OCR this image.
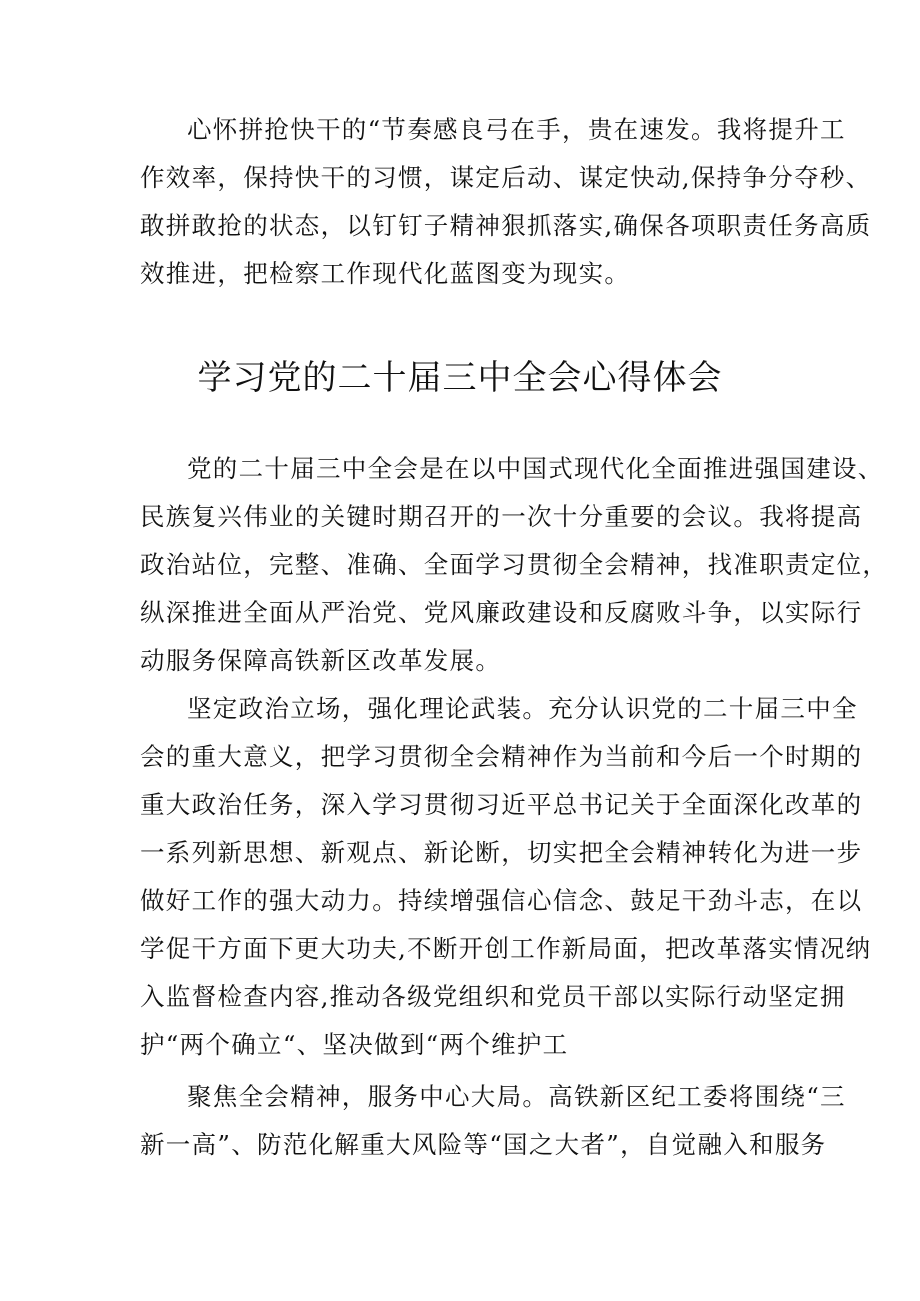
心怀拼抢快干的“节奏感良弓在手，贵在速发。我将提升工
作效率，保持快干的习惯，谋定后动、谋定快动,保持争分夺秒、
敢拼敢抢的状态，以钉钉子精神狠抓落实,确保各项职责任务高质
效推进，把检察工作现代化蓝图变为现实。

学习党的二十届三中全会心得体会

党的二十届三中全会是在以中国式现代化全面推进强国建设、
民族复兴伟业的关键时期召开的一次十分重要的会议。我将提高
政治站位，完整、准确、全面学习贯彻全会精神，找准职责定位，
纵深推进全面从严治党、党风廉政建设和反腐败斗争，以实际行
动服务保障高铁新区改革发展。

坚定政治立场，强化理论武装。充分认识党的二十届三中全
会的重大意义，把学习贯彻全会精神作为当前和今后一个时期的
重大政治任务，深入学习贯彻习近平总书记关于全面深化改革的
一系列新思想、新观点、新论断，切实把全会精神转化为进一步
做好工作的强大动力。持续增强信心信念、鼓足干劲斗志，在以
学促干方面下更大功夫,不断开创工作新局面，把改革落实情况纳
入监督检查内容,推动各级党组织和党员干部以实际行动坚定拥
护“两个确立“、坚决做到“两个维护工

聚焦全会精神，服务中心大局。高铁新区纪工委将围绕“三
新一高”、防范化解重大风险等“国之大者”，自觉融入和服务
